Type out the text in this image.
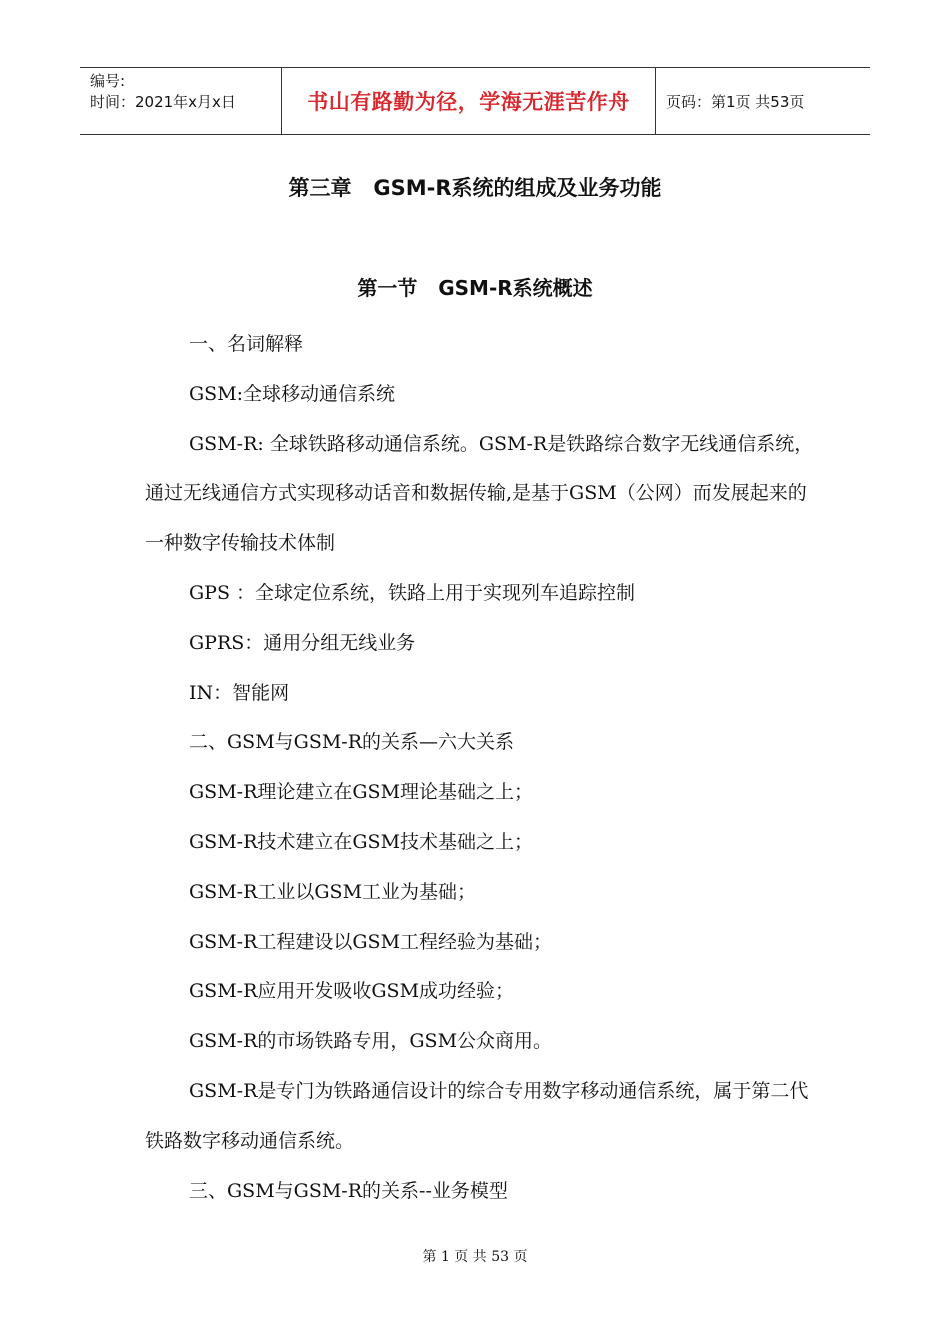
编号:
时间：2021年x月x日	书山有路勤为径，学海无涯苦作舟	页码：第1页 共53页
第三章   GSM-R系统的组成及业务功能
第一节   GSM-R系统概述

一、名词解释

GSM:全球移动通信系统

GSM-R: 全球铁路移动通信系统。GSM-R是铁路综合数字无线通信系统，通过无线通信方式实现移动话音和数据传输,是基于GSM（公网）而发展起来的一种数字传输技术体制

GPS ：全球定位系统，铁路上用于实现列车追踪控制

GPRS：通用分组无线业务

IN：智能网

二、GSM与GSM-R的关系—六大关系

GSM-R理论建立在GSM理论基础之上；

GSM-R技术建立在GSM技术基础之上；

GSM-R工业以GSM工业为基础；

GSM-R工程建设以GSM工程经验为基础；

GSM-R应用开发吸收GSM成功经验；

GSM-R的市场铁路专用，GSM公众商用。

GSM-R是专门为铁路通信设计的综合专用数字移动通信系统，属于第二代铁路数字移动通信系统。

三、GSM与GSM-R的关系--业务模型

第 1 页 共 53 页
